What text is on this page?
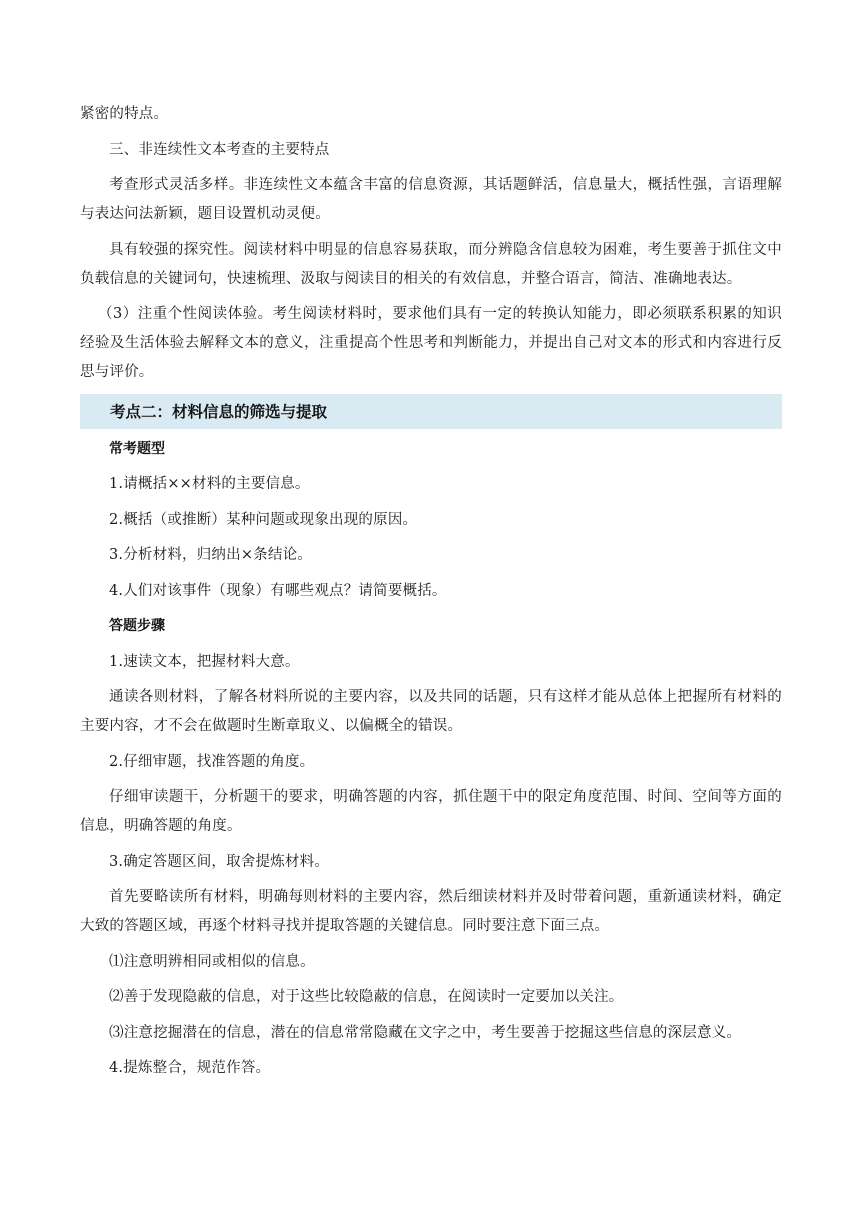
紧密的特点。

三、非连续性文本考查的主要特点

考查形式灵活多样。非连续性文本蕴含丰富的信息资源，其话题鲜活，信息量大，概括性强，言语理解与表达问法新颖，题目设置机动灵便。

具有较强的探究性。阅读材料中明显的信息容易获取，而分辨隐含信息较为困难，考生要善于抓住文中负载信息的关键词句，快速梳理、汲取与阅读目的相关的有效信息，并整合语言，简洁、准确地表达。

（3）注重个性阅读体验。考生阅读材料时，要求他们具有一定的转换认知能力，即必须联系积累的知识经验及生活体验去解释文本的意义，注重提高个性思考和判断能力，并提出自己对文本的形式和内容进行反思与评价。

考点二：材料信息的筛选与提取

常考题型

1.请概括××材料的主要信息。

2.概括（或推断）某种问题或现象出现的原因。

3.分析材料，归纳出×条结论。

4.人们对该事件（现象）有哪些观点？请简要概括。

答题步骤

1.速读文本，把握材料大意。

通读各则材料，了解各材料所说的主要内容，以及共同的话题，只有这样才能从总体上把握所有材料的主要内容，才不会在做题时生断章取义、以偏概全的错误。

2.仔细审题，找准答题的角度。

仔细审读题干，分析题干的要求，明确答题的内容，抓住题干中的限定角度范围、时间、空间等方面的信息，明确答题的角度。

3.确定答题区间，取舍提炼材料。

首先要略读所有材料，明确每则材料的主要内容，然后细读材料并及时带着问题，重新通读材料，确定大致的答题区域，再逐个材料寻找并提取答题的关键信息。同时要注意下面三点。

⑴注意明辨相同或相似的信息。

⑵善于发现隐蔽的信息，对于这些比较隐蔽的信息，在阅读时一定要加以关注。

⑶注意挖掘潜在的信息，潜在的信息常常隐藏在文字之中，考生要善于挖掘这些信息的深层意义。

4.提炼整合，规范作答。
